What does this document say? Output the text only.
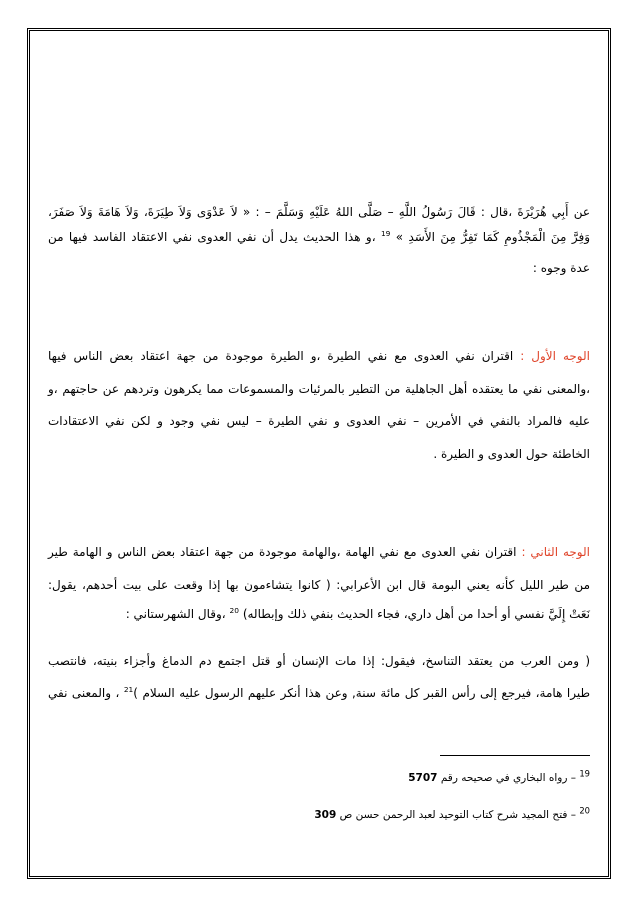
عن أَبِي هُرَيْرَةَ ،قال : قَالَ رَسُولُ اللَّهِ – صَلَّى اللهُ عَلَيْهِ وَسَلَّمَ – : « لاَ عَدْوَى وَلاَ طِيَرَةَ، وَلاَ هَامَةَ وَلاَ صَفَرَ،
وَفِرَّ مِنَ الْمَجْذُومِ كَمَا تَفِرُّ مِنَ الأَسَدِ » $^{19}$ ،و هذا الحديث يدل أن نفي العدوى نفي الاعتقاد الفاسد فيها من
عدة وجوه :
الوجه الأول : اقتران نفي العدوى مع نفي الطيرة ،و الطيرة موجودة من جهة اعتقاد بعض الناس فيها
،والمعنى نفي ما يعتقده أهل الجاهلية من التطير بالمرئيات والمسموعات مما يكرهون وتردهم عن حاجتهم ،و
عليه فالمراد بالنفي في الأمرين – نفي العدوى و نفي الطيرة – ليس نفي وجود و لكن نفي الاعتقادات
الخاطئة حول العدوى و الطيرة .
الوجه الثاني : اقتران نفي العدوى مع نفي الهامة ،والهامة موجودة من جهة اعتقاد بعض الناس و الهامة طير
من طير الليل كأنه يعني البومة قال ابن الأعرابي: ( كانوا يتشاءمون بها إذا وقعت على بيت أحدهم، يقول:
نَعَتْ إِلَيَّ نفسي أو أحدا من أهل داري، فجاء الحديث بنفي ذلك وإبطاله) $^{20}$ ،وقال الشهرستاني :
( ومن العرب من يعتقد التناسخ، فيقول: إذا مات الإنسان أو قتل اجتمع دم الدماغ وأجزاء بنيته، فانتصب
طيرا هامة، فيرجع إلى رأس القبر كل مائة سنة, وعن هذا أنكر عليهم الرسول عليه السلام )$^{21}$ ، والمعنى نفي
$^{19}$ – رواه البخاري في صحيحه رقم 5707
$^{20}$ – فتح المجيد شرح كتاب التوحيد لعبد الرحمن حسن ص 309
